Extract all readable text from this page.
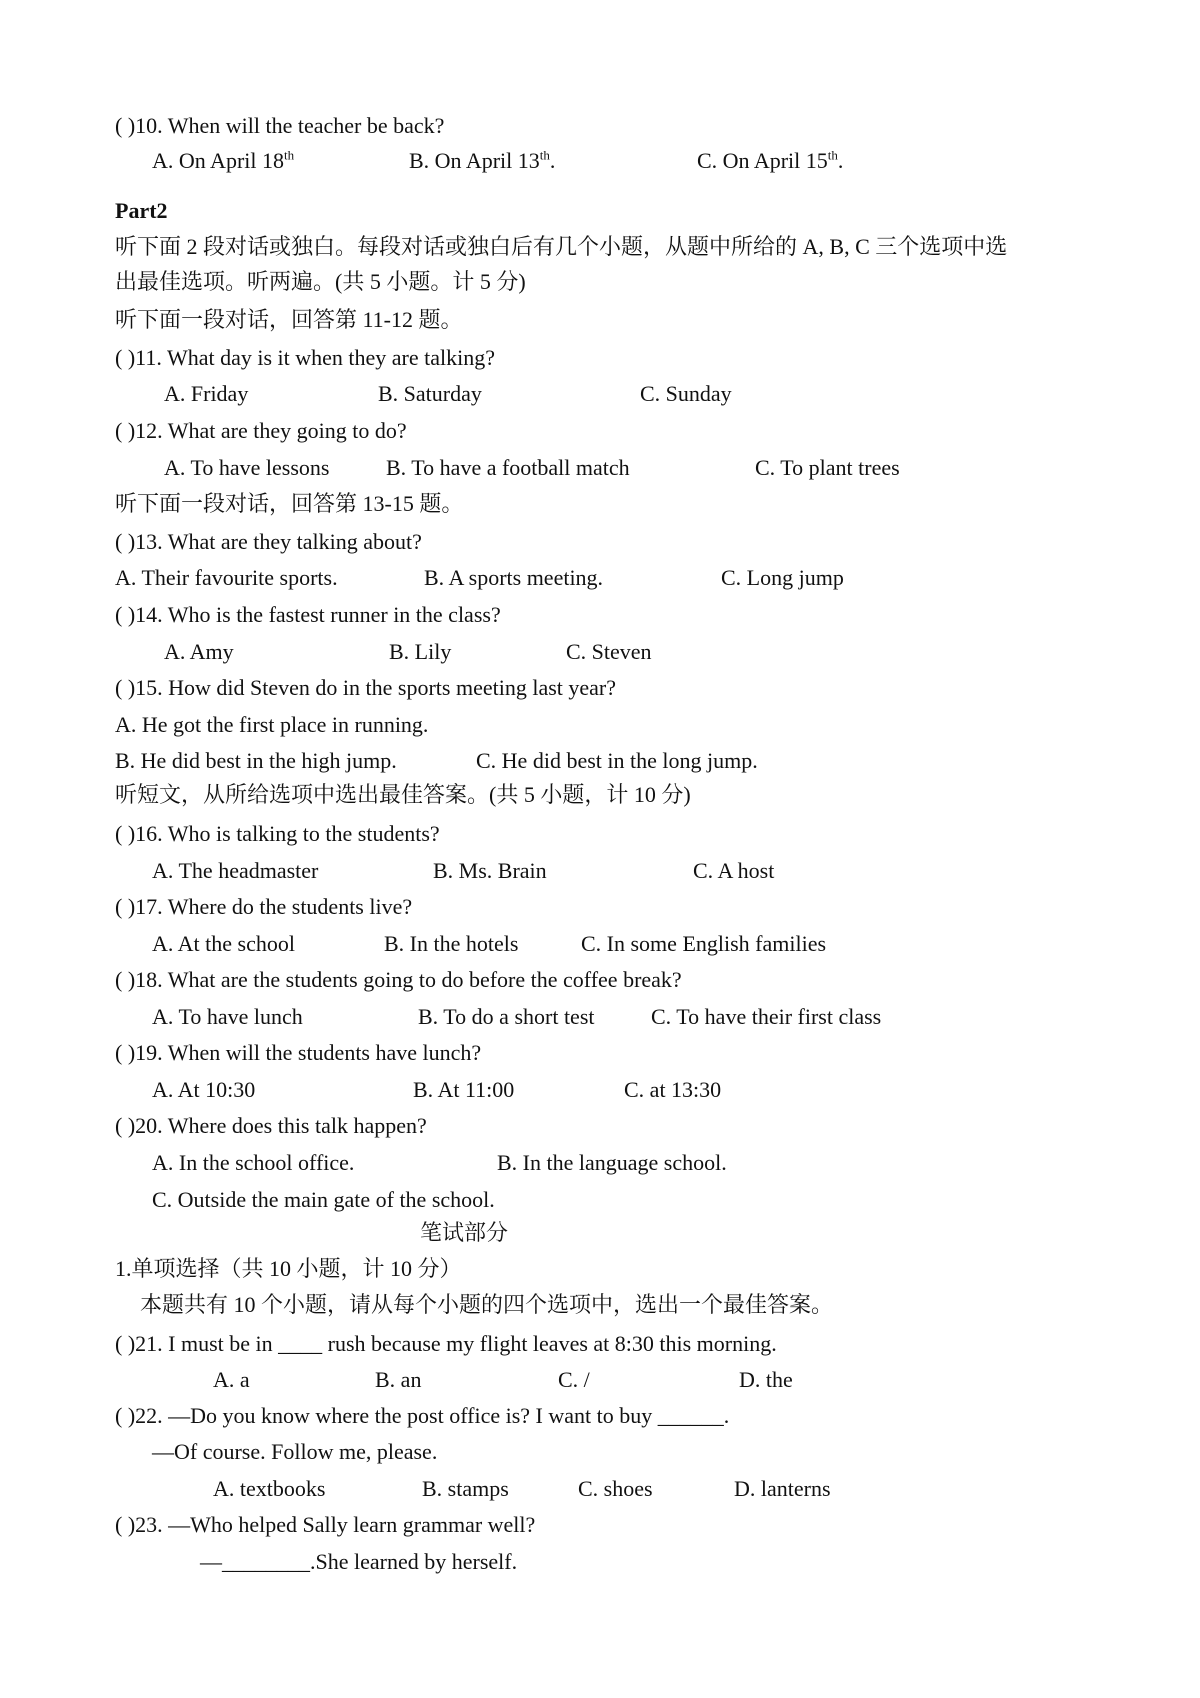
( )10. When will the teacher be back?
A. On April 18th	B. On April 13th.	C. On April 15th.
Part2
听下面 2 段对话或独白。每段对话或独白后有几个小题，从题中所给的 A, B, C 三个选项中选
出最佳选项。听两遍。(共 5 小题。计 5 分)
听下面一段对话，回答第 11-12 题。
( )11. What day is it when they are talking?
A. Friday	B. Saturday	C. Sunday
( )12. What are they going to do?
A. To have lessons	B. To have a football match	C. To plant trees
听下面一段对话，回答第 13-15 题。
( )13. What are they talking about?
A. Their favourite sports.	B. A sports meeting.	C. Long jump
( )14. Who is the fastest runner in the class?
A. Amy	B. Lily	C. Steven
( )15. How did Steven do in the sports meeting last year?
A. He got the first place in running.
B. He did best in the high jump.	C. He did best in the long jump.
听短文，从所给选项中选出最佳答案。(共 5 小题，计 10 分)
( )16. Who is talking to the students?
A. The headmaster	B. Ms. Brain	C. A host
( )17. Where do the students live?
A. At the school	B. In the hotels	C. In some English families
( )18. What are the students going to do before the coffee break?
A. To have lunch	B. To do a short test	C. To have their first class
( )19. When will the students have lunch?
A. At 10:30	B. At 11:00	C. at 13:30
( )20. Where does this talk happen?
A. In the school office.	B. In the language school.
C. Outside the main gate of the school.
笔试部分
1.单项选择（共 10 小题，计 10 分）
本题共有 10 个小题，请从每个小题的四个选项中，选出一个最佳答案。
( )21. I must be in ____ rush because my flight leaves at 8:30 this morning.
A. a	B. an	C. /	D. the
( )22. —Do you know where the post office is? I want to buy ______.
—Of course. Follow me, please.
A. textbooks	B. stamps	C. shoes	D. lanterns
( )23. —Who helped Sally learn grammar well?
—________.She learned by herself.
